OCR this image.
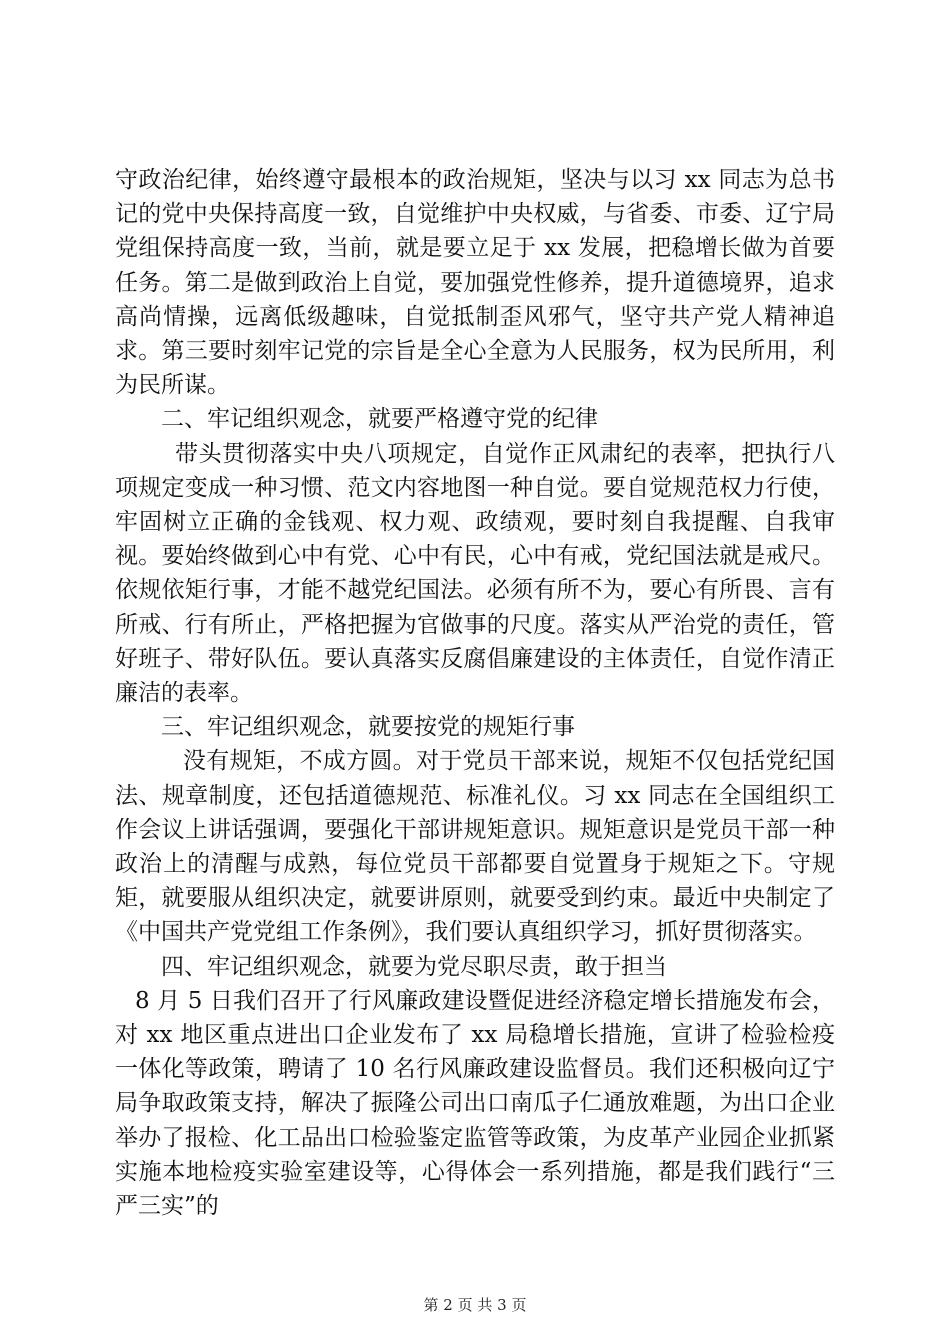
守政治纪律，始终遵守最根本的政治规矩，坚决与以习 xx 同志为总书记的党中央保持高度一致，自觉维护中央权威，与省委、市委、辽宁局党组保持高度一致，当前，就是要立足于 xx 发展，把稳增长做为首要任务。第二是做到政治上自觉，要加强党性修养，提升道德境界，追求高尚情操，远离低级趣味，自觉抵制歪风邪气，坚守共产党人精神追求。第三要时刻牢记党的宗旨是全心全意为人民服务，权为民所用，利为民所谋。

二、牢记组织观念，就要严格遵守党的纪律

带头贯彻落实中央八项规定，自觉作正风肃纪的表率，把执行八项规定变成一种习惯、范文内容地图一种自觉。要自觉规范权力行使，牢固树立正确的金钱观、权力观、政绩观，要时刻自我提醒、自我审视。要始终做到心中有党、心中有民，心中有戒，党纪国法就是戒尺。依规依矩行事，才能不越党纪国法。必须有所不为，要心有所畏、言有所戒、行有所止，严格把握为官做事的尺度。落实从严治党的责任，管好班子、带好队伍。要认真落实反腐倡廉建设的主体责任，自觉作清正廉洁的表率。

三、牢记组织观念，就要按党的规矩行事

没有规矩，不成方圆。对于党员干部来说，规矩不仅包括党纪国法、规章制度，还包括道德规范、标准礼仪。习 xx 同志在全国组织工作会议上讲话强调，要强化干部讲规矩意识。规矩意识是党员干部一种政治上的清醒与成熟，每位党员干部都要自觉置身于规矩之下。守规矩，就要服从组织决定，就要讲原则，就要受到约束。最近中央制定了《中国共产党党组工作条例》，我们要认真组织学习，抓好贯彻落实。

四、牢记组织观念，就要为党尽职尽责，敢于担当

8 月 5 日我们召开了行风廉政建设暨促进经济稳定增长措施发布会，对 xx 地区重点进出口企业发布了 xx 局稳增长措施，宣讲了检验检疫一体化等政策，聘请了 10 名行风廉政建设监督员。我们还积极向辽宁局争取政策支持，解决了振隆公司出口南瓜子仁通放难题，为出口企业举办了报检、化工品出口检验鉴定监管等政策，为皮革产业园企业抓紧实施本地检疫实验室建设等，心得体会一系列措施，都是我们践行“三严三实”的

第 2 页 共 3 页
